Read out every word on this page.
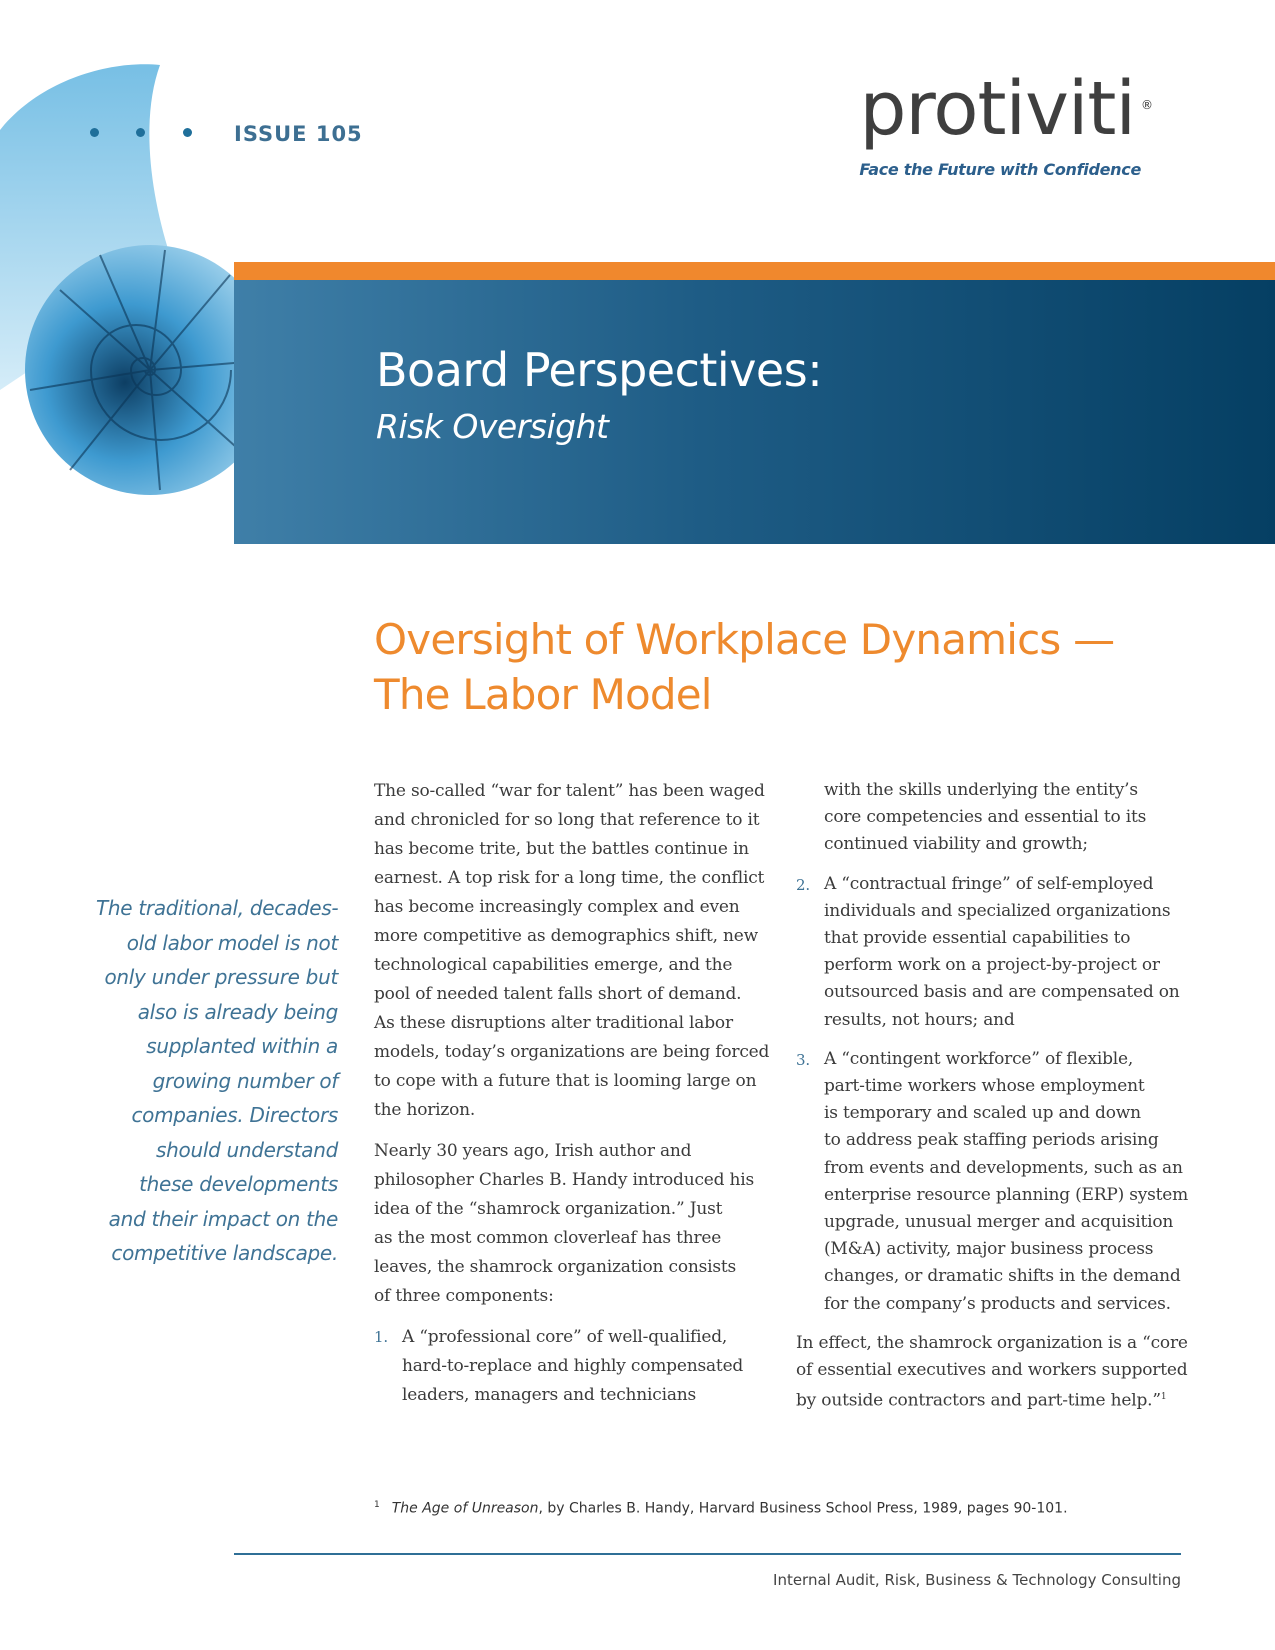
ISSUE 105	protiviti ®
Face the Future with Confidence
Board Perspectives:
Risk Oversight
Oversight of Workplace Dynamics —
The Labor Model
The traditional, decades-
old labor model is not
only under pressure but
also is already being
supplanted within a
growing number of
companies. Directors
should understand
these developments
and their impact on the
competitive landscape.
The so-called “war for talent” has been waged
and chronicled for so long that reference to it
has become trite, but the battles continue in
earnest. A top risk for a long time, the conflict
has become increasingly complex and even
more competitive as demographics shift, new
technological capabilities emerge, and the
pool of needed talent falls short of demand.
As these disruptions alter traditional labor
models, today’s organizations are being forced
to cope with a future that is looming large on
the horizon.
Nearly 30 years ago, Irish author and
philosopher Charles B. Handy introduced his
idea of the “shamrock organization.” Just
as the most common cloverleaf has three
leaves, the shamrock organization consists
of three components:
1. A “professional core” of well-qualified,
hard-to-replace and highly compensated
leaders, managers and technicians
with the skills underlying the entity’s
core competencies and essential to its
continued viability and growth;
2. A “contractual fringe” of self-employed
individuals and specialized organizations
that provide essential capabilities to
perform work on a project-by-project or
outsourced basis and are compensated on
results, not hours; and
3. A “contingent workforce” of flexible,
part-time workers whose employment
is temporary and scaled up and down
to address peak staffing periods arising
from events and developments, such as an
enterprise resource planning (ERP) system
upgrade, unusual merger and acquisition
(M&A) activity, major business process
changes, or dramatic shifts in the demand
for the company’s products and services.
In effect, the shamrock organization is a “core
of essential executives and workers supported
by outside contractors and part-time help.”$^1$
$^1$ The Age of Unreason, by Charles B. Handy, Harvard Business School Press, 1989, pages 90-101.
Internal Audit, Risk, Business & Technology Consulting
